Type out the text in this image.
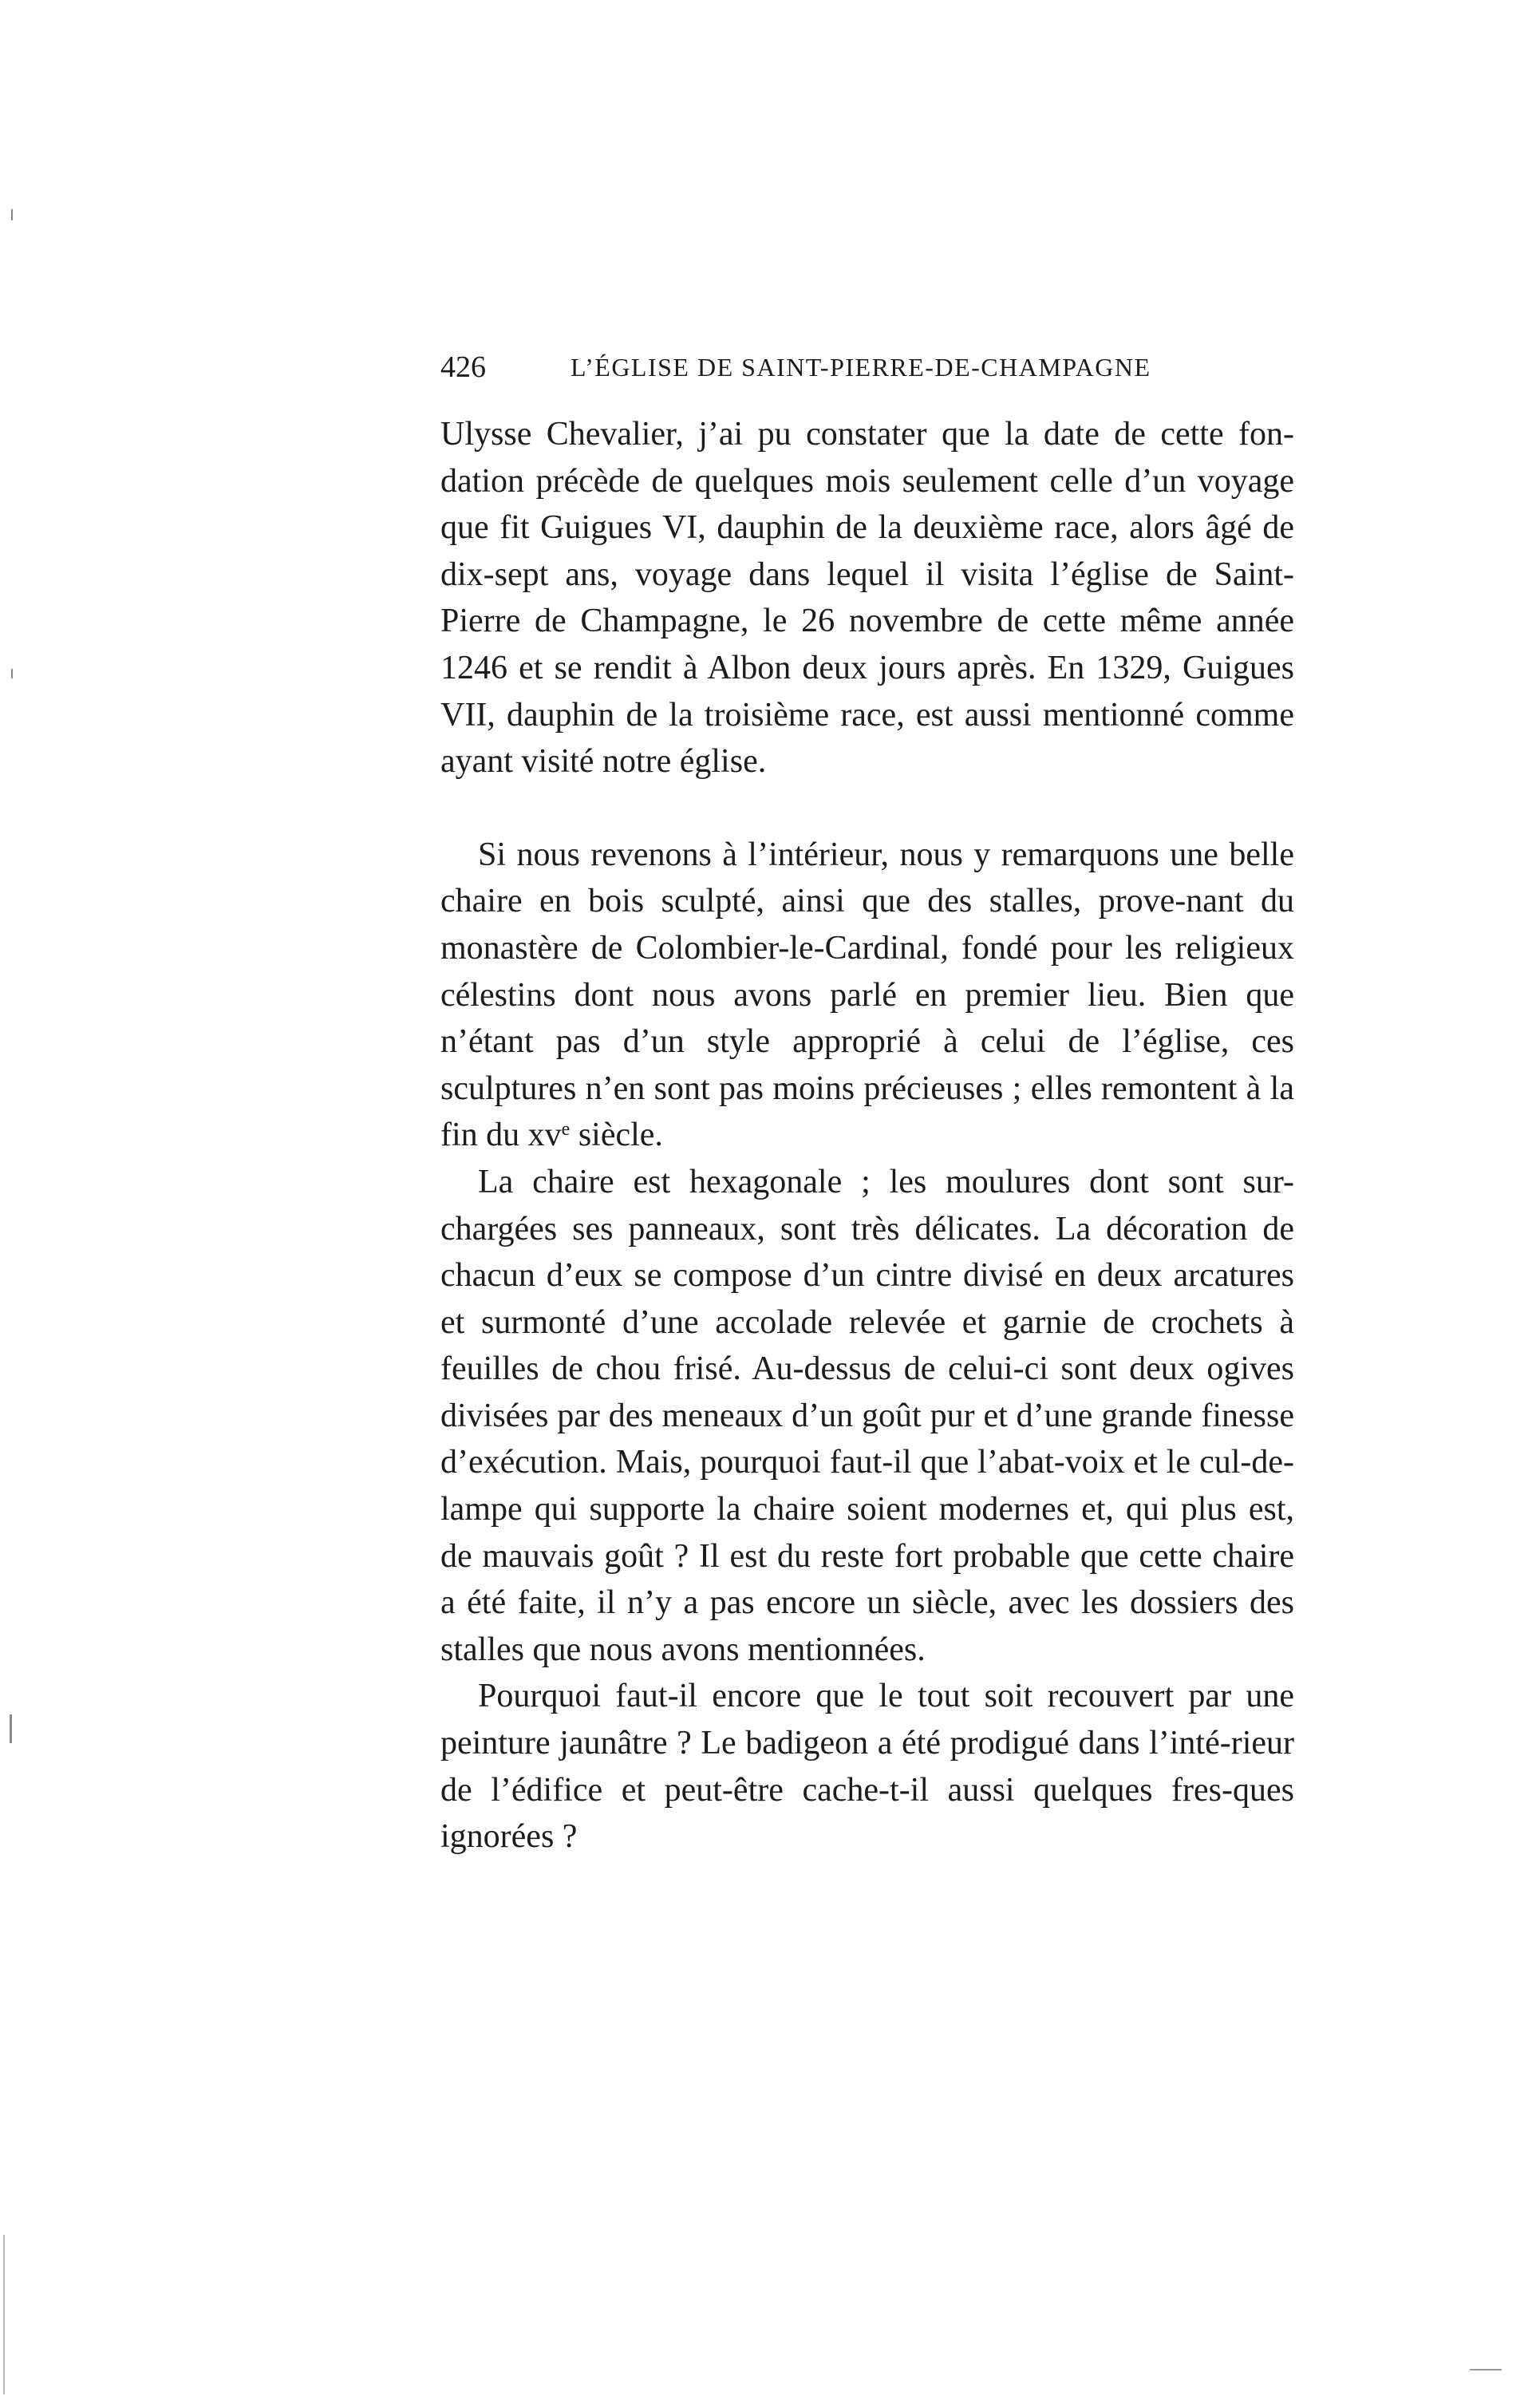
426	L’ÉGLISE DE SAINT-PIERRE-DE-CHAMPAGNE

Ulysse Chevalier, j’ai pu constater que la date de cette fon-dation précède de quelques mois seulement celle d’un voyage que fit Guigues VI, dauphin de la deuxième race, alors âgé de dix-sept ans, voyage dans lequel il visita l’église de Saint-Pierre de Champagne, le 26 novembre de cette même année 1246 et se rendit à Albon deux jours après. En 1329, Guigues VII, dauphin de la troisième race, est aussi mentionné comme ayant visité notre église.

Si nous revenons à l’intérieur, nous y remarquons une belle chaire en bois sculpté, ainsi que des stalles, prove-nant du monastère de Colombier-le-Cardinal, fondé pour les religieux célestins dont nous avons parlé en premier lieu. Bien que n’étant pas d’un style approprié à celui de l’église, ces sculptures n’en sont pas moins précieuses ; elles remontent à la fin du $xv^e$ siècle.

La chaire est hexagonale ; les moulures dont sont sur-chargées ses panneaux, sont très délicates. La décoration de chacun d’eux se compose d’un cintre divisé en deux arcatures et surmonté d’une accolade relevée et garnie de crochets à feuilles de chou frisé. Au-dessus de celui-ci sont deux ogives divisées par des meneaux d’un goût pur et d’une grande finesse d’exécution. Mais, pourquoi faut-il que l’abat-voix et le cul-de-lampe qui supporte la chaire soient modernes et, qui plus est, de mauvais goût ? Il est du reste fort probable que cette chaire a été faite, il n’y a pas encore un siècle, avec les dossiers des stalles que nous avons mentionnées.

Pourquoi faut-il encore que le tout soit recouvert par une peinture jaunâtre ? Le badigeon a été prodigué dans l’inté-rieur de l’édifice et peut-être cache-t-il aussi quelques fres-ques ignorées ?
